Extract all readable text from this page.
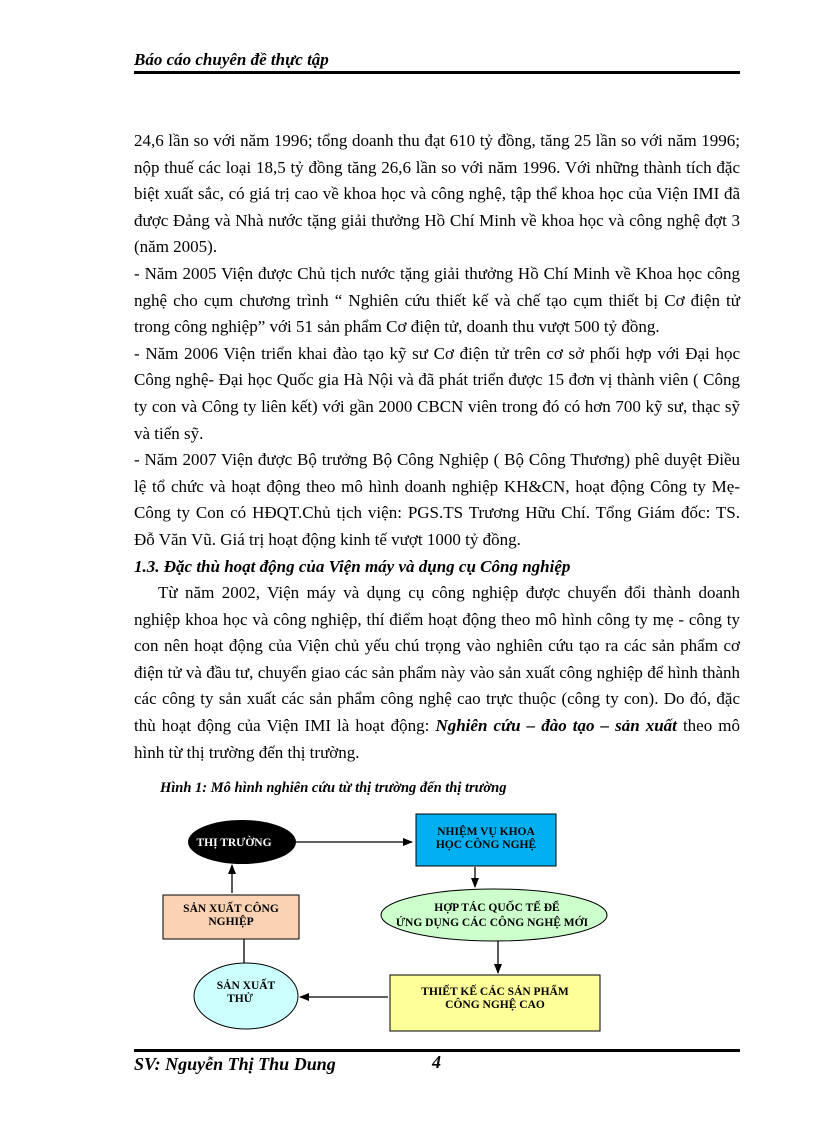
Báo cáo chuyên đề thực tập

24,6 lần so với năm 1996; tổng doanh thu đạt 610 tỷ đồng, tăng 25 lần so với năm 1996; nộp thuế các loại 18,5 tỷ đồng tăng 26,6 lần so với năm 1996. Với những thành tích đặc biệt xuất sắc, có giá trị cao về khoa học và công nghệ, tập thể khoa học của Viện IMI đã được Đảng và Nhà nước tặng giải thưởng Hồ Chí Minh về khoa học và công nghệ đợt 3 (năm 2005).

- Năm 2005 Viện được Chủ tịch nước tặng giải thưởng Hồ Chí Minh về Khoa học công nghệ cho cụm chương trình “ Nghiên cứu thiết kế và chế tạo cụm thiết bị Cơ điện tử trong công nghiệp” với 51 sản phẩm Cơ điện tử, doanh thu vượt 500 tỷ đồng.

- Năm 2006 Viện triển khai đào tạo kỹ sư Cơ điện tử trên cơ sở phối hợp với Đại học Công nghệ- Đại học Quốc gia Hà Nội và đã phát triển được 15 đơn vị thành viên ( Công ty con và Công ty liên kết) với gần 2000 CBCN viên trong đó có hơn 700 kỹ sư, thạc sỹ và tiến sỹ.

- Năm 2007 Viện được Bộ trưởng Bộ Công Nghiệp ( Bộ Công Thương) phê duyệt Điều lệ tổ chức và hoạt động theo mô hình doanh nghiệp KH&CN, hoạt động Công ty Mẹ- Công ty Con có HĐQT.Chủ tịch viện: PGS.TS Trương Hữu Chí. Tổng Giám đốc: TS. Đỗ Văn Vũ. Giá trị hoạt động kinh tế vượt 1000 tỷ đồng.

1.3. Đặc thù hoạt động của Viện máy và dụng cụ Công nghiệp

Từ năm 2002, Viện máy và dụng cụ công nghiệp được chuyển đổi thành doanh nghiệp khoa học và công nghiệp, thí điểm hoạt động theo mô hình công ty mẹ - công ty con nên hoạt động của Viện chủ yếu chú trọng vào nghiên cứu tạo ra các sản phẩm cơ điện tử và đầu tư, chuyển giao các sản phẩm này vào sản xuất công nghiệp để hình thành các công ty sản xuất các sản phẩm công nghệ cao trực thuộc (công ty con). Do đó, đặc thù hoạt động của Viện IMI là hoạt động: Nghiên cứu – đào tạo – sản xuất theo mô hình từ thị trường đến thị trường.

Hình 1: Mô hình nghiên cứu từ thị trường đến thị trường
THỊ TRƯỜNG
NHIỆM VỤ KHOA
HỌC CÔNG NGHỆ
HỢP TÁC QUỐC TẾ ĐỂ
ỨNG DỤNG CÁC CÔNG NGHỆ MỚI
THIẾT KẾ CÁC SẢN PHẨM
CÔNG NGHỆ CAO
SẢN XUẤT
THỬ
SẢN XUẤT CÔNG
NGHIỆP
SV: Nguyễn Thị Thu Dung	4
